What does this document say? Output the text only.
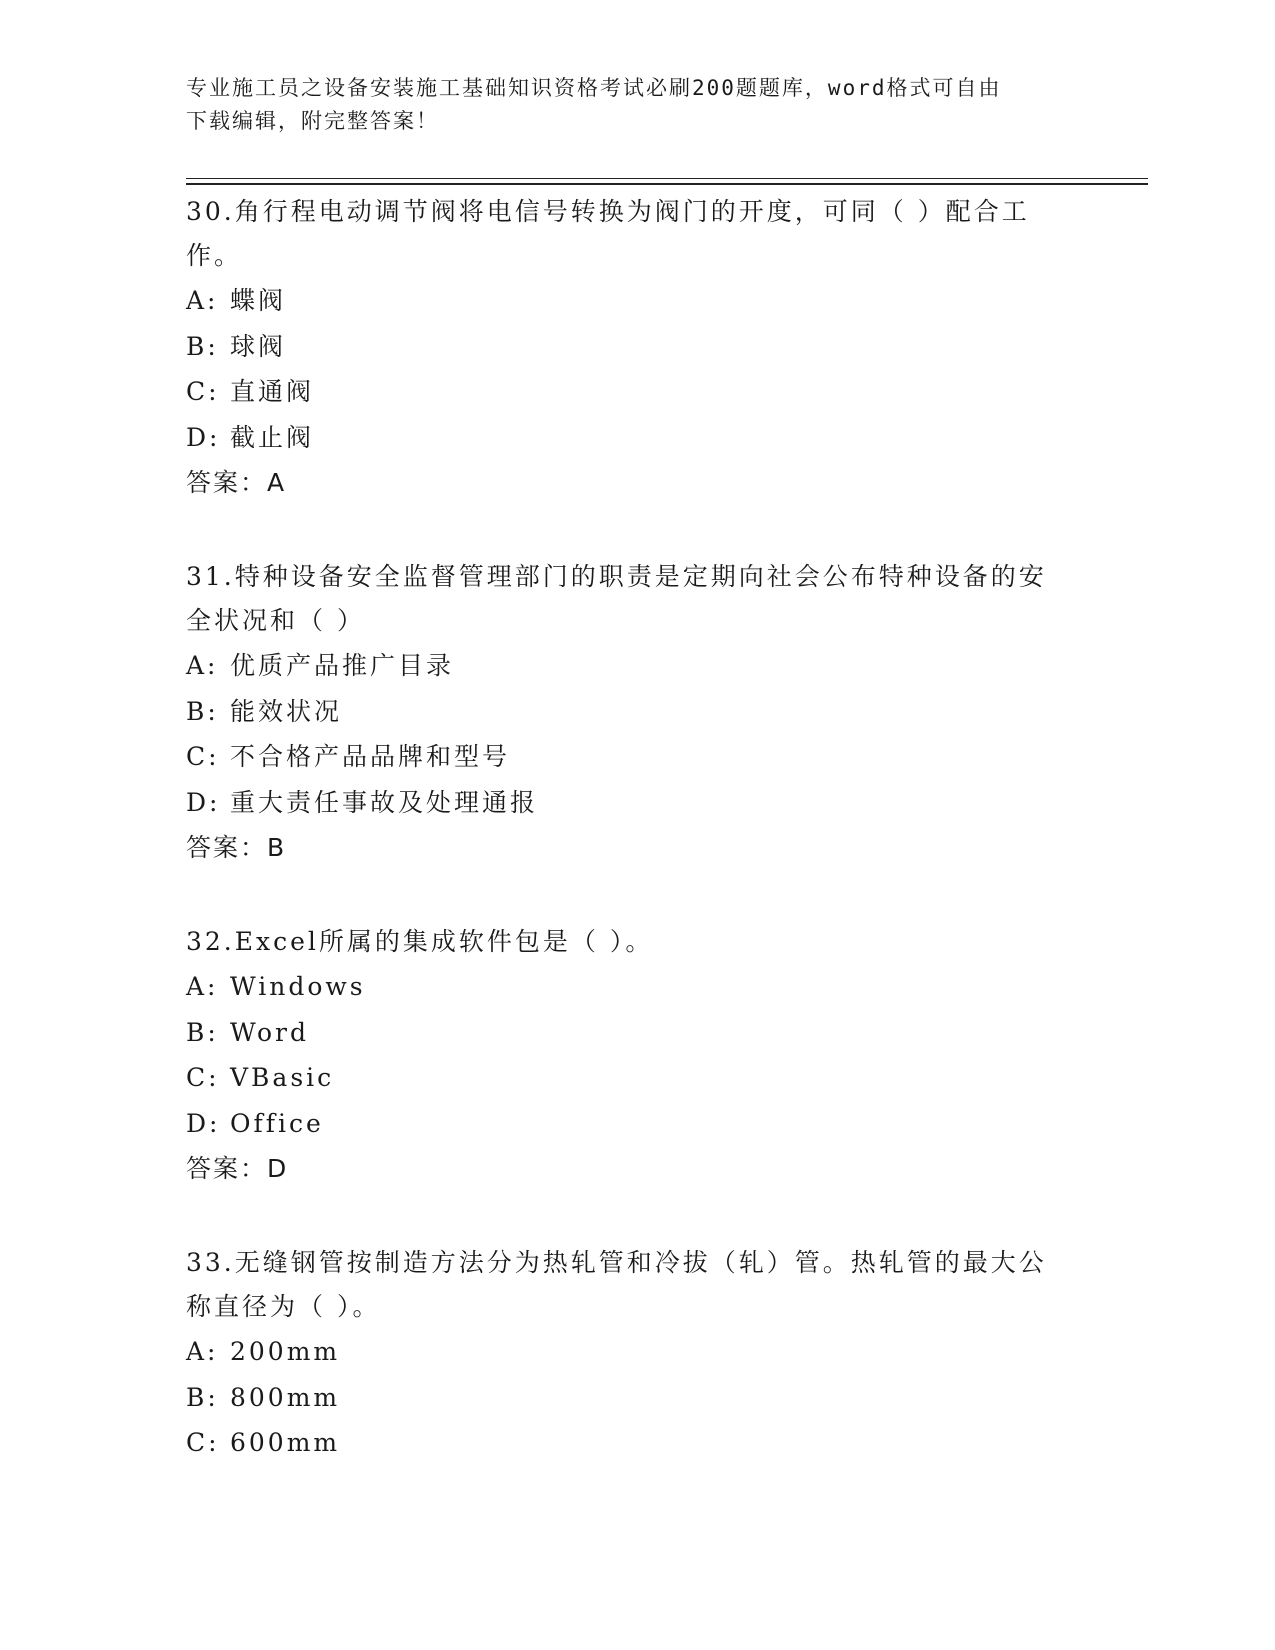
专业施工员之设备安装施工基础知识资格考试必刷200题题库，word格式可自由
下载编辑，附完整答案！

30.角行程电动调节阀将电信号转换为阀门的开度，可同（ ）配合工
作。

A: 蝶阀

B: 球阀

C: 直通阀

D: 截止阀

答案：A

31.特种设备安全监督管理部门的职责是定期向社会公布特种设备的安
全状况和（ ）

A: 优质产品推广目录

B: 能效状况

C: 不合格产品品牌和型号

D: 重大责任事故及处理通报

答案：B

32.Excel所属的集成软件包是（ ）。

A: Windows

B: Word

C: VBasic

D: Office

答案：D

33.无缝钢管按制造方法分为热轧管和冷拔（轧）管。热轧管的最大公
称直径为（ ）。

A: 200mm

B: 800mm

C: 600mm
